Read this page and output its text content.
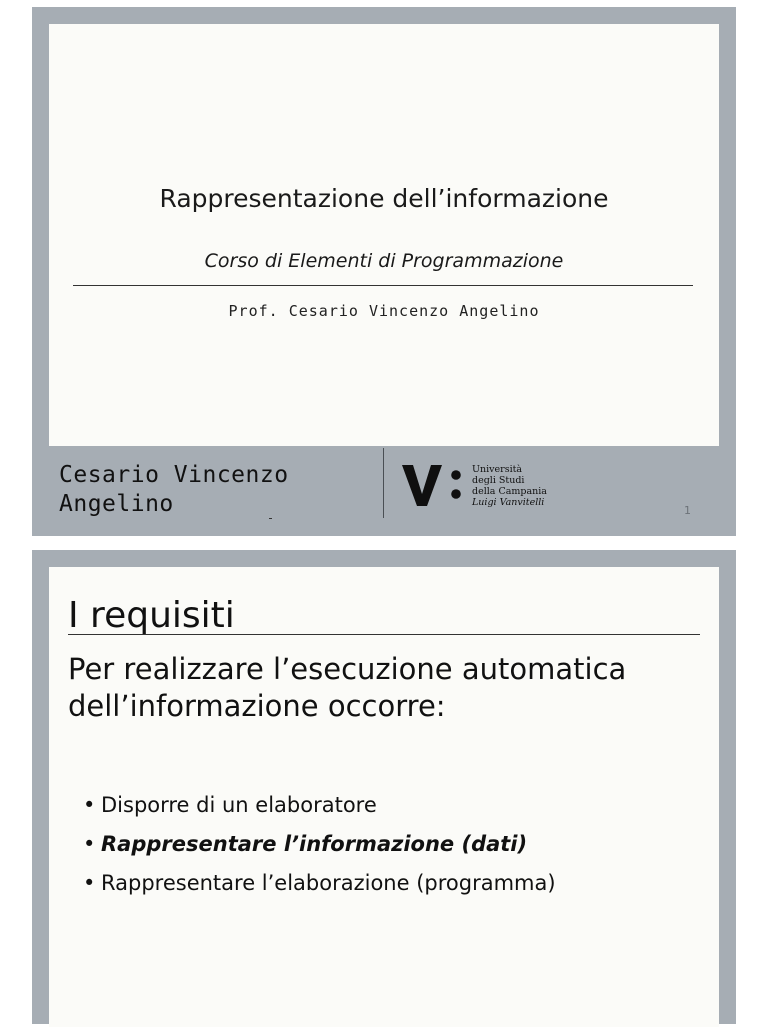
Rappresentazione dell’informazione
Corso di Elementi di Programmazione
Prof. Cesario Vincenzo Angelino
Cesario Vincenzo
Angelino
Università
degli Studi
della Campania
Luigi Vanvitelli
1
I requisiti
Per realizzare l’esecuzione automatica
dell’informazione occorre:
• Disporre di un elaboratore
• Rappresentare l’informazione (dati)
• Rappresentare l’elaborazione (programma)
